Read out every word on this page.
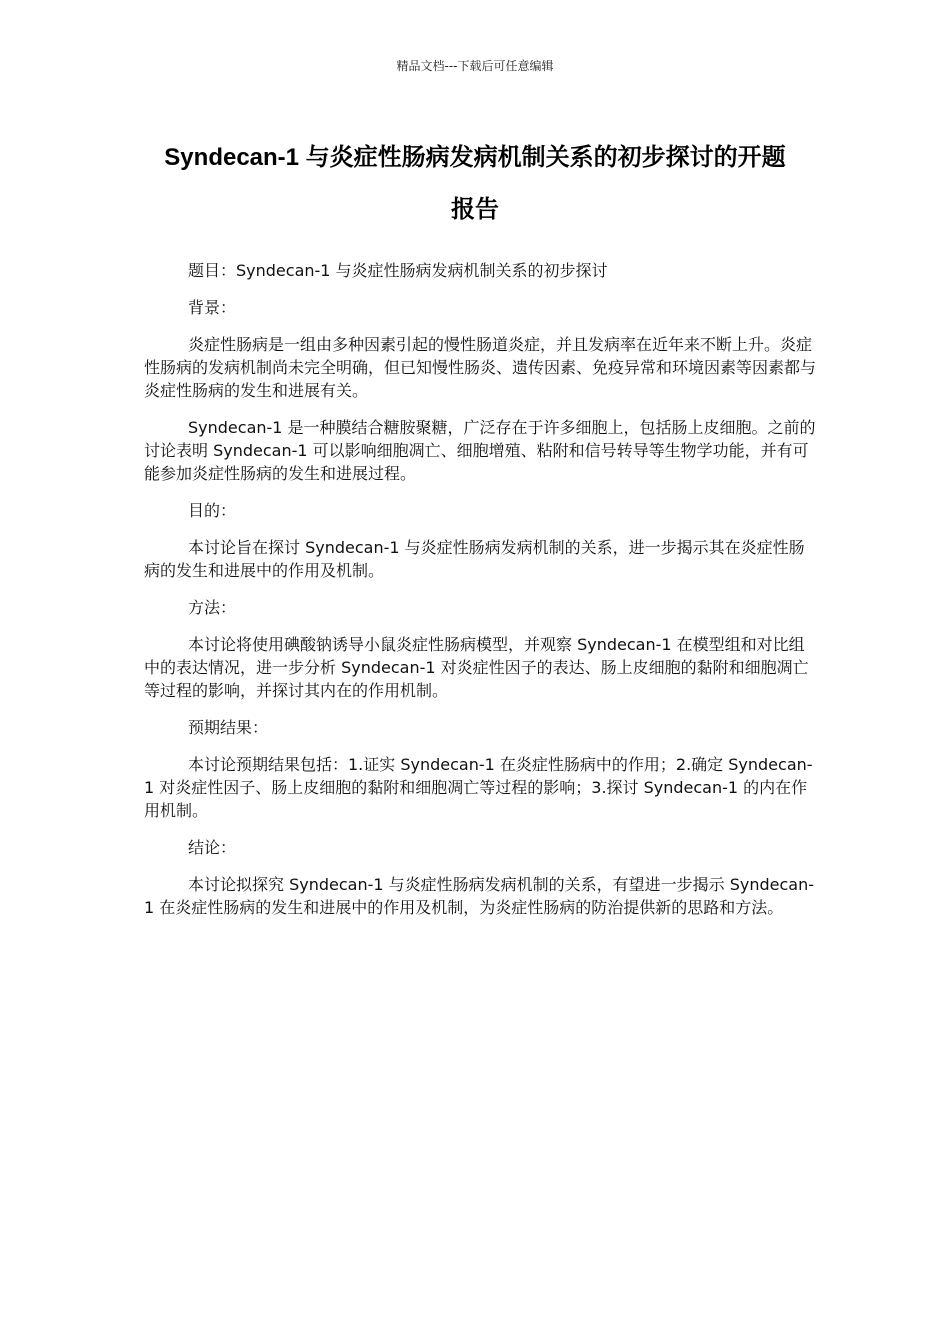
精品文档---下载后可任意编辑
Syndecan-1 与炎症性肠病发病机制关系的初步探讨的开题
报告

题目：Syndecan-1 与炎症性肠病发病机制关系的初步探讨

背景：

炎症性肠病是一组由多种因素引起的慢性肠道炎症，并且发病率在近年来不断上升。炎症性肠病的发病机制尚未完全明确，但已知慢性肠炎、遗传因素、免疫异常和环境因素等因素都与炎症性肠病的发生和进展有关。

Syndecan-1 是一种膜结合糖胺聚糖，广泛存在于许多细胞上，包括肠上皮细胞。之前的讨论表明 Syndecan-1 可以影响细胞凋亡、细胞增殖、粘附和信号转导等生物学功能，并有可能参加炎症性肠病的发生和进展过程。

目的：

本讨论旨在探讨 Syndecan-1 与炎症性肠病发病机制的关系，进一步揭示其在炎症性肠病的发生和进展中的作用及机制。

方法：

本讨论将使用碘酸钠诱导小鼠炎症性肠病模型，并观察 Syndecan-1 在模型组和对比组中的表达情况，进一步分析 Syndecan-1 对炎症性因子的表达、肠上皮细胞的黏附和细胞凋亡等过程的影响，并探讨其内在的作用机制。

预期结果：

本讨论预期结果包括：1.证实 Syndecan-1 在炎症性肠病中的作用；2.确定 Syndecan-1 对炎症性因子、肠上皮细胞的黏附和细胞凋亡等过程的影响；3.探讨 Syndecan-1 的内在作用机制。

结论：

本讨论拟探究 Syndecan-1 与炎症性肠病发病机制的关系，有望进一步揭示 Syndecan-1 在炎症性肠病的发生和进展中的作用及机制，为炎症性肠病的防治提供新的思路和方法。
